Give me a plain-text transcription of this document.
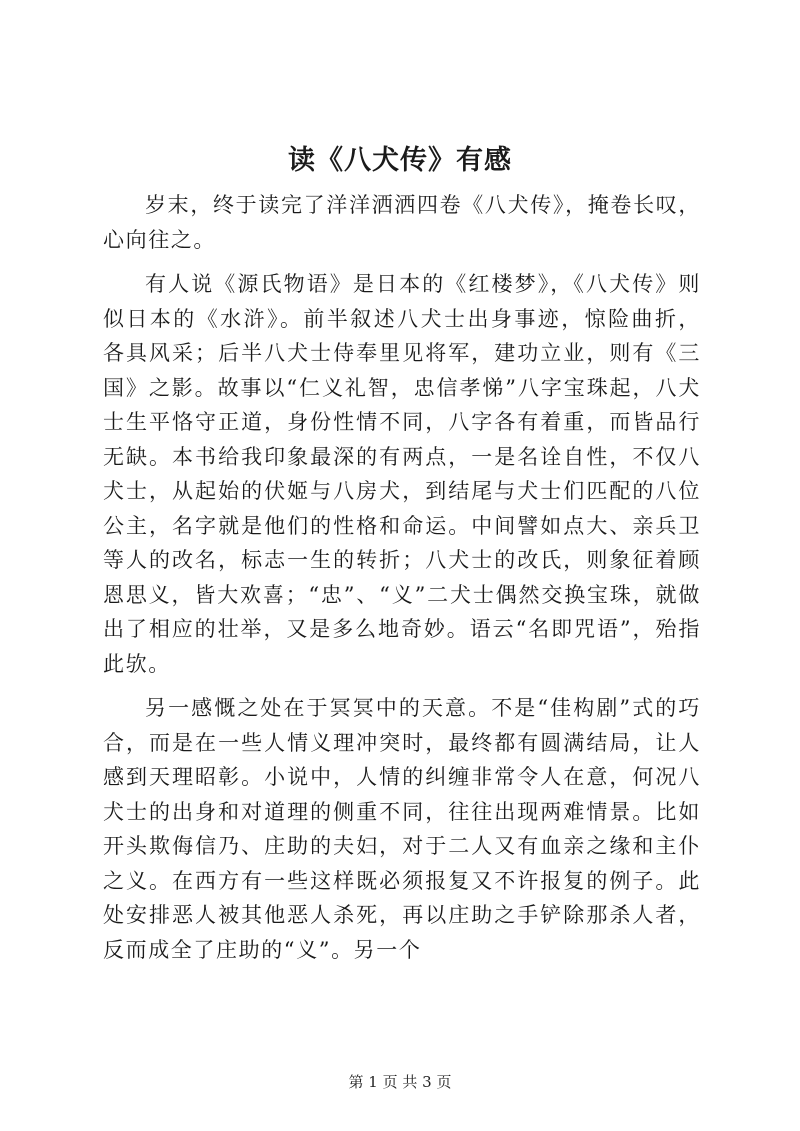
读《八犬传》有感

岁末，终于读完了洋洋洒洒四卷《八犬传》，掩卷长叹，心向往之。

有人说《源氏物语》是日本的《红楼梦》，《八犬传》则似日本的《水浒》。前半叙述八犬士出身事迹，惊险曲折，各具风采；后半八犬士侍奉里见将军，建功立业，则有《三国》之影。故事以“仁义礼智，忠信孝悌”八字宝珠起，八犬士生平恪守正道，身份性情不同，八字各有着重，而皆品行无缺。本书给我印象最深的有两点，一是名诠自性，不仅八犬士，从起始的伏姬与八房犬，到结尾与犬士们匹配的八位公主，名字就是他们的性格和命运。中间譬如点大、亲兵卫等人的改名，标志一生的转折；八犬士的改氏，则象征着顾恩思义，皆大欢喜；“忠”、“义”二犬士偶然交换宝珠，就做出了相应的壮举，又是多么地奇妙。语云“名即咒语”，殆指此欤。

另一感慨之处在于冥冥中的天意。不是“佳构剧”式的巧合，而是在一些人情义理冲突时，最终都有圆满结局，让人感到天理昭彰。小说中，人情的纠缠非常令人在意，何况八犬士的出身和对道理的侧重不同，往往出现两难情景。比如开头欺侮信乃、庄助的夫妇，对于二人又有血亲之缘和主仆之义。在西方有一些这样既必须报复又不许报复的例子。此处安排恶人被其他恶人杀死，再以庄助之手铲除那杀人者，反而成全了庄助的“义”。另一个

第 1 页 共 3 页
